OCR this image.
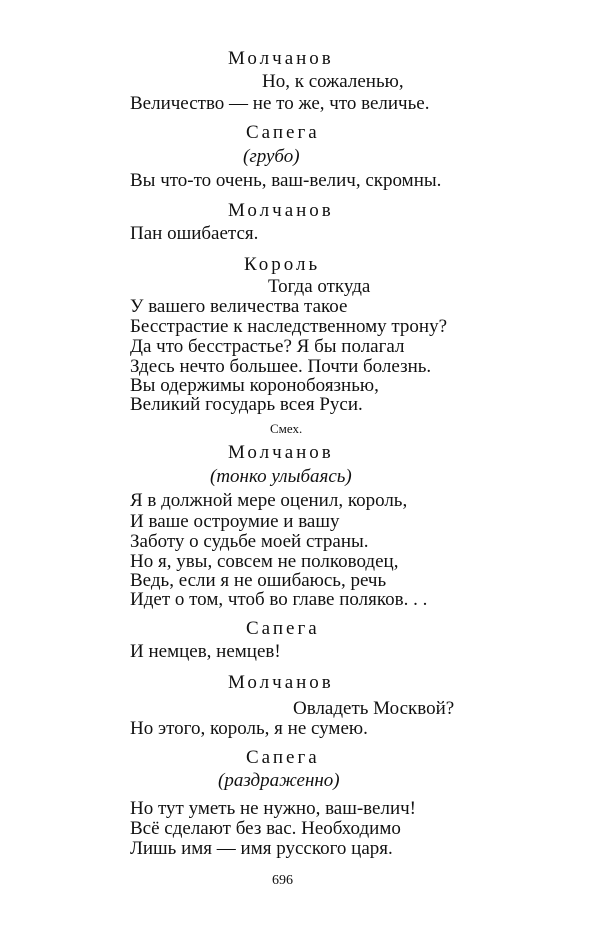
Молчанов
Но, к сожаленью,
Величество — не то же, что величье.
Сапега
(грубо)
Вы что-то очень, ваш-велич, скромны.
Молчанов
Пан ошибается.
Король
Тогда откуда
У вашего величества такое
Бесстрастие к наследственному трону?
Да что бесстрастье? Я бы полагал
Здесь нечто большее. Почти болезнь.
Вы одержимы коронобоязнью,
Великий государь всея Руси.
Смех.
Молчанов
(тонко улыбаясь)
Я в должной мере оценил, король,
И ваше остроумие и вашу
Заботу о судьбе моей страны.
Но я, увы, совсем не полководец,
Ведь, если я не ошибаюсь, речь
Идет о том, чтоб во главе поляков. . .
Сапега
И немцев, немцев!
Молчанов
Овладеть Москвой?
Но этого, король, я не сумею.
Сапега
(раздраженно)
Но тут уметь не нужно, ваш-велич!
Всё сделают без вас. Необходимо
Лишь имя — имя русского царя.
696
